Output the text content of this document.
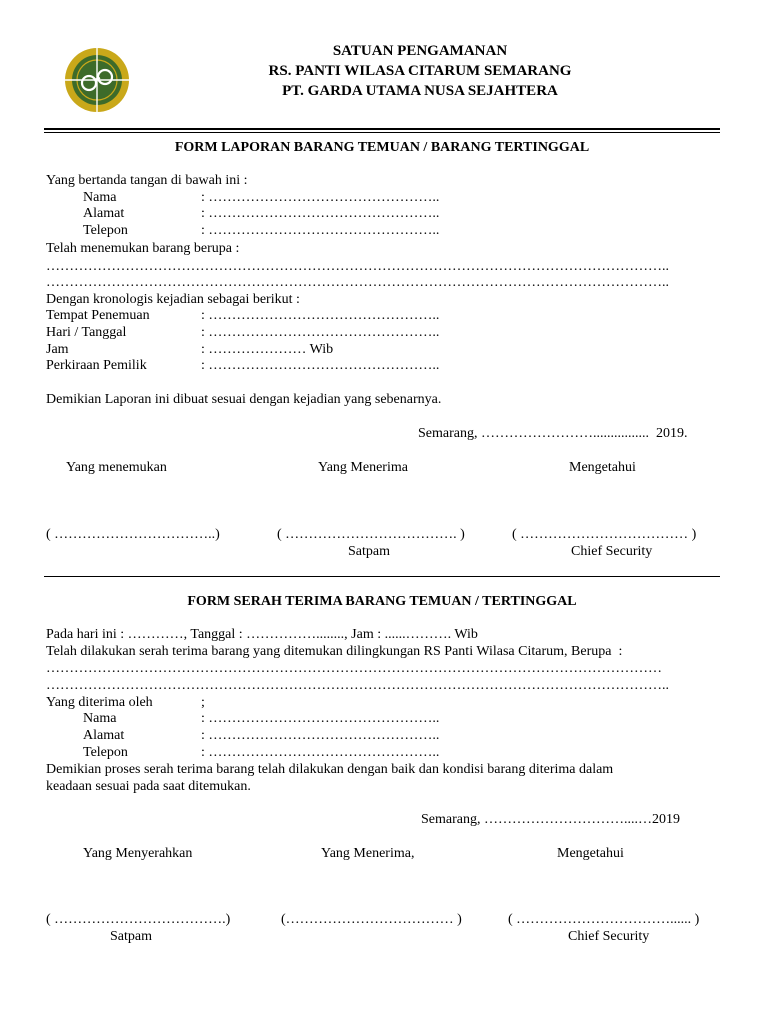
SATUAN PENGAMANAN
RS. PANTI WILASA CITARUM SEMARANG
PT. GARDA UTAMA NUSA SEJAHTERA
FORM LAPORAN BARANG TEMUAN / BARANG TERTINGGAL
Yang bertanda tangan di bawah ini :
Nama	: …………………………………………..
Alamat	: …………………………………………..
Telepon	: …………………………………………..
Telah menemukan barang berupa :
……………………………………………………………………………………………………………………..
……………………………………………………………………………………………………………………..
Dengan kronologis kejadian sebagai berikut :
Tempat Penemuan	: …………………………………………..
Hari / Tanggal	: …………………………………………..
Jam	: ………………… Wib
Perkiraan Pemilik	: …………………………………………..
Demikian Laporan ini dibuat sesuai dengan kejadian yang sebenarnya.
Semarang, ……………………................  2019.
Yang menemukan	Yang Menerima	Mengetahui
( ……………………………..)	( ………………………………. )	( ……………………………… )
Satpam	Chief Security
FORM SERAH TERIMA BARANG TEMUAN / TERTINGGAL
Pada hari ini : …………, Tanggal : ……………........, Jam : ......………. Wib
Telah dilakukan serah terima barang yang ditemukan dilingkungan RS Panti Wilasa Citarum, Berupa  :
……………………………………………………………………………………………………………………
……………………………………………………………………………………………………………………..
Yang diterima oleh	;
Nama	: …………………………………………..
Alamat	: …………………………………………..
Telepon	: …………………………………………..
Demikian proses serah terima barang telah dilakukan dengan baik dan kondisi barang diterima dalam
keadaan sesuai pada saat ditemukan.
Semarang, …………………………....…2019
Yang Menyerahkan	Yang Menerima,	Mengetahui
( ……………………………….)	(……………………………… )	( ……………………………...... )
Satpam	Chief Security
